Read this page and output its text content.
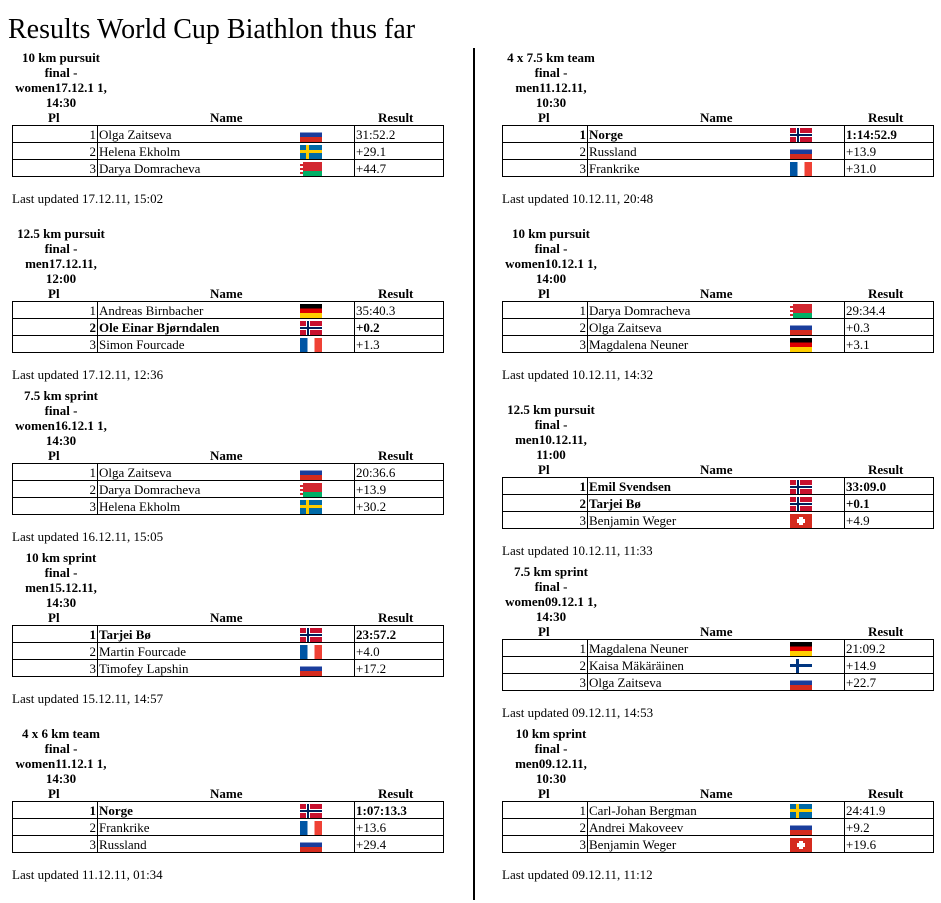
Results World Cup Biathlon thus far
10 km pursuit final - women17.12.1 1, 14:30
Pl	Name	Result
1	Olga Zaitseva		31:52.2
2	Helena Ekholm		+29.1
3	Darya Domracheva		+44.7
Last updated 17.12.11, 15:02
12.5 km pursuit final - men17.12.11, 12:00
Pl	Name	Result
1	Andreas Birnbacher		35:40.3
2	Ole Einar Bjørndalen		+0.2
3	Simon Fourcade		+1.3
Last updated 17.12.11, 12:36
7.5 km sprint final - women16.12.1 1, 14:30
Pl	Name	Result
1	Olga Zaitseva		20:36.6
2	Darya Domracheva		+13.9
3	Helena Ekholm		+30.2
Last updated 16.12.11, 15:05
10 km sprint final - men15.12.11, 14:30
Pl	Name	Result
1	Tarjei Bø		23:57.2
2	Martin Fourcade		+4.0
3	Timofey Lapshin		+17.2
Last updated 15.12.11, 14:57
4 x 6 km team final - women11.12.1 1, 14:30
Pl	Name	Result
1	Norge		1:07:13.3
2	Frankrike		+13.6
3	Russland		+29.4
Last updated 11.12.11, 01:34
4 x 7.5 km team final - men11.12.11, 10:30
Pl	Name	Result
1	Norge		1:14:52.9
2	Russland		+13.9
3	Frankrike		+31.0
Last updated 10.12.11, 20:48
10 km pursuit final - women10.12.1 1, 14:00
Pl	Name	Result
1	Darya Domracheva		29:34.4
2	Olga Zaitseva		+0.3
3	Magdalena Neuner		+3.1
Last updated 10.12.11, 14:32
12.5 km pursuit final - men10.12.11, 11:00
Pl	Name	Result
1	Emil Svendsen		33:09.0
2	Tarjei Bø		+0.1
3	Benjamin Weger		+4.9
Last updated 10.12.11, 11:33
7.5 km sprint final - women09.12.1 1, 14:30
Pl	Name	Result
1	Magdalena Neuner		21:09.2
2	Kaisa Mäkäräinen		+14.9
3	Olga Zaitseva		+22.7
Last updated 09.12.11, 14:53
10 km sprint final - men09.12.11, 10:30
Pl	Name	Result
1	Carl-Johan Bergman		24:41.9
2	Andrei Makoveev		+9.2
3	Benjamin Weger		+19.6
Last updated 09.12.11, 11:12
